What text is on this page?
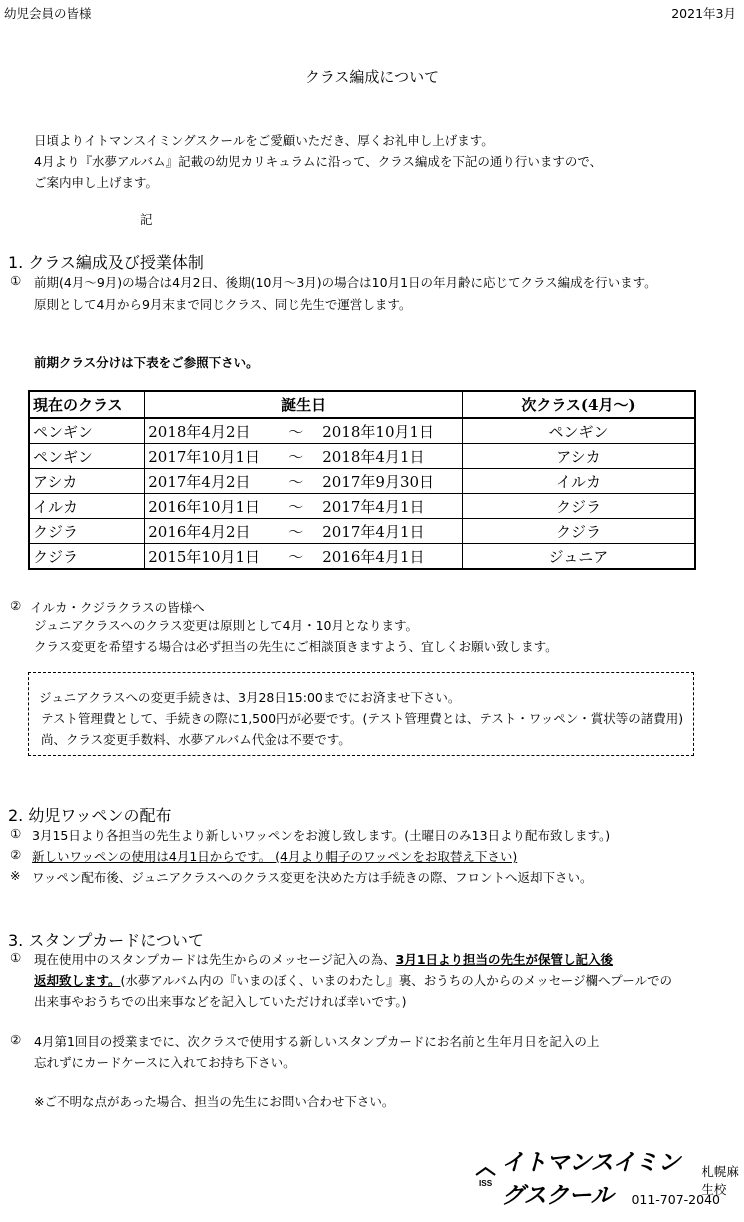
幼児会員の皆様	2021年3月
クラス編成について
日頃よりイトマンスイミングスクールをご愛顧いただき、厚くお礼申し上げます。
4月より『水夢アルバム』記載の幼児カリキュラムに沿って、クラス編成を下記の通り行いますので、
ご案内申し上げます。
記
1. クラス編成及び授業体制
① 前期(4月～9月)の場合は4月2日、後期(10月～3月)の場合は10月1日の年月齢に応じてクラス編成を行います。
原則として4月から9月末まで同じクラス、同じ先生で運営します。
前期クラス分けは下表をご参照下さい。
現在のクラス	誕生日	次クラス(4月～)
ペンギン	2018年4月2日 ～ 2018年10月1日	ペンギン
ペンギン	2017年10月1日 ～ 2018年4月1日	アシカ
アシカ	2017年4月2日 ～ 2017年9月30日	イルカ
イルカ	2016年10月1日 ～ 2017年4月1日	クジラ
クジラ	2016年4月2日 ～ 2017年4月1日	クジラ
クジラ	2015年10月1日 ～ 2016年4月1日	ジュニア
② イルカ・クジラクラスの皆様へ
ジュニアクラスへのクラス変更は原則として4月・10月となります。
クラス変更を希望する場合は必ず担当の先生にご相談頂きますよう、宜しくお願い致します。
ジュニアクラスへの変更手続きは、3月28日15:00までにお済ませ下さい。
テスト管理費として、手続きの際に1,500円が必要です。(テスト管理費とは、テスト・ワッペン・賞状等の諸費用)
尚、クラス変更手数料、水夢アルバム代金は不要です。
2. 幼児ワッペンの配布
① 3月15日より各担当の先生より新しいワッペンをお渡し致します。(土曜日のみ13日より配布致します。)
② 新しいワッペンの使用は4月1日からです。 (4月より帽子のワッペンをお取替え下さい)
※ ワッペン配布後、ジュニアクラスへのクラス変更を決めた方は手続きの際、フロントへ返却下さい。
3. スタンプカードについて
① 現在使用中のスタンプカードは先生からのメッセージ記入の為、3月1日より担当の先生が保管し記入後
返却致します。(水夢アルバム内の『いまのぼく、いまのわたし』裏、おうちの人からのメッセージ欄へプールでの
出来事やおうちでの出来事などを記入していただければ幸いです。)
② 4月第1回目の授業までに、次クラスで使用する新しいスタンプカードにお名前と生年月日を記入の上
忘れずにカードケースに入れてお持ち下さい。
※ご不明な点があった場合、担当の先生にお問い合わせ下さい。
ISS
イトマンスイミングスクール
札幌麻生校
011-707-2040
